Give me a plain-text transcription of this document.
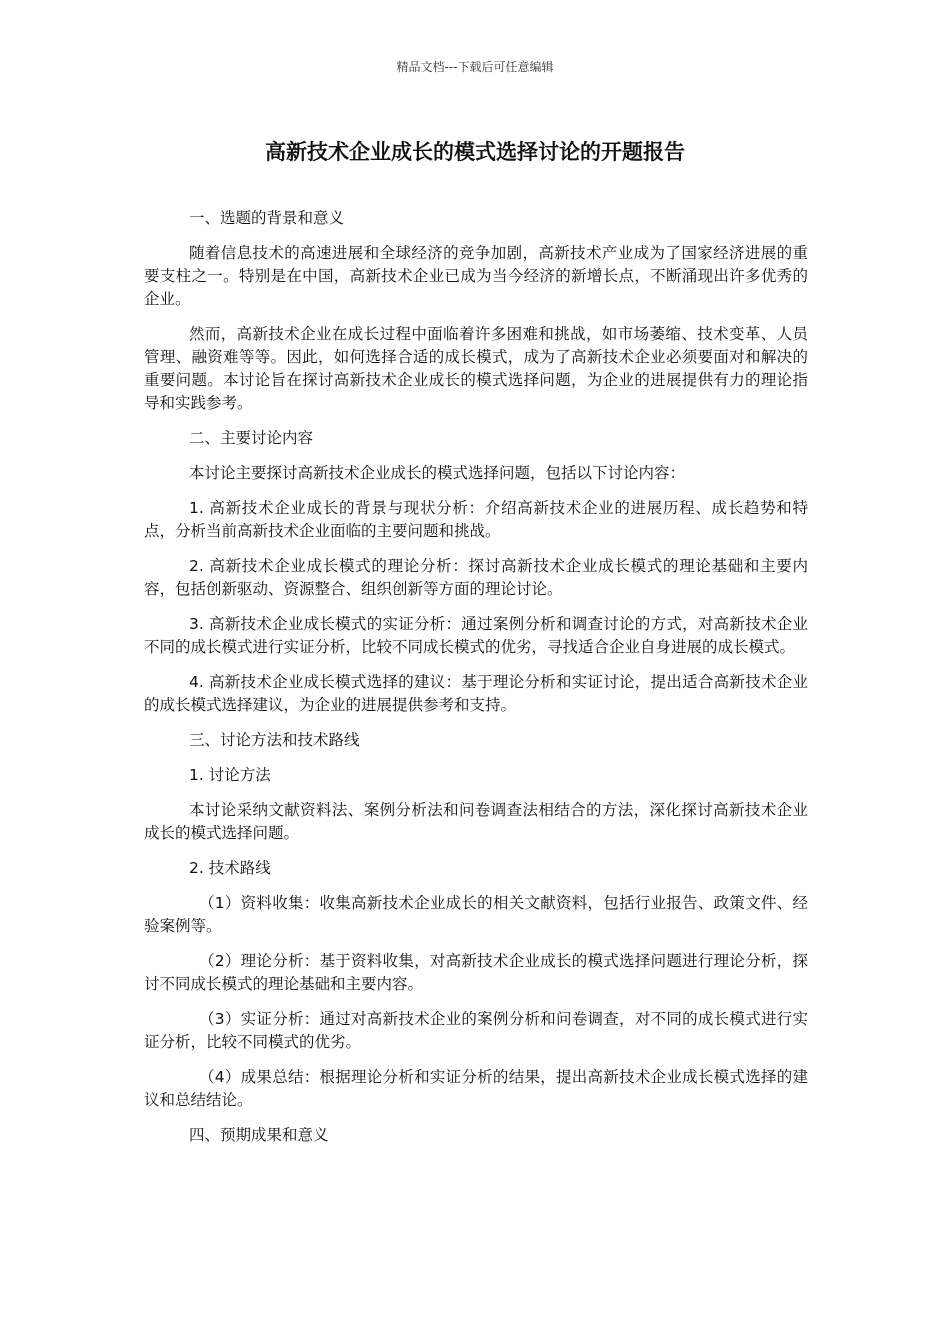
精品文档---下载后可任意编辑
高新技术企业成长的模式选择讨论的开题报告

一、选题的背景和意义

随着信息技术的高速进展和全球经济的竞争加剧，高新技术产业成为了国家经济进展的重要支柱之一。特别是在中国，高新技术企业已成为当今经济的新增长点，不断涌现出许多优秀的企业。

然而，高新技术企业在成长过程中面临着许多困难和挑战，如市场萎缩、技术变革、人员管理、融资难等等。因此，如何选择合适的成长模式，成为了高新技术企业必须要面对和解决的重要问题。本讨论旨在探讨高新技术企业成长的模式选择问题，为企业的进展提供有力的理论指导和实践参考。

二、主要讨论内容

本讨论主要探讨高新技术企业成长的模式选择问题，包括以下讨论内容：

1. 高新技术企业成长的背景与现状分析：介绍高新技术企业的进展历程、成长趋势和特点，分析当前高新技术企业面临的主要问题和挑战。

2. 高新技术企业成长模式的理论分析：探讨高新技术企业成长模式的理论基础和主要内容，包括创新驱动、资源整合、组织创新等方面的理论讨论。

3. 高新技术企业成长模式的实证分析：通过案例分析和调查讨论的方式，对高新技术企业不同的成长模式进行实证分析，比较不同成长模式的优劣，寻找适合企业自身进展的成长模式。

4. 高新技术企业成长模式选择的建议：基于理论分析和实证讨论，提出适合高新技术企业的成长模式选择建议，为企业的进展提供参考和支持。

三、讨论方法和技术路线

1. 讨论方法

本讨论采纳文献资料法、案例分析法和问卷调查法相结合的方法，深化探讨高新技术企业成长的模式选择问题。

2. 技术路线

（1）资料收集：收集高新技术企业成长的相关文献资料，包括行业报告、政策文件、经验案例等。

（2）理论分析：基于资料收集，对高新技术企业成长的模式选择问题进行理论分析，探讨不同成长模式的理论基础和主要内容。

（3）实证分析：通过对高新技术企业的案例分析和问卷调查，对不同的成长模式进行实证分析，比较不同模式的优劣。

（4）成果总结：根据理论分析和实证分析的结果，提出高新技术企业成长模式选择的建议和总结结论。

四、预期成果和意义
